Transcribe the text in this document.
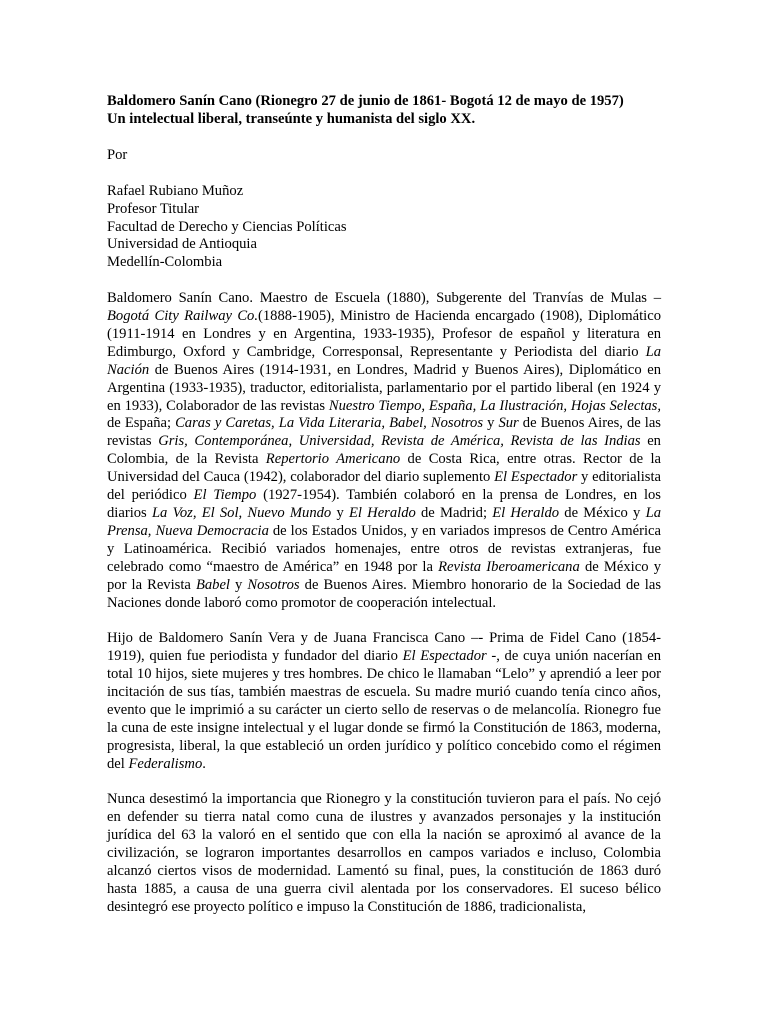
Baldomero Sanín Cano (Rionegro 27 de junio de 1861- Bogotá 12 de mayo de 1957)

Un intelectual liberal, transeúnte y humanista del siglo XX.

Por

Rafael Rubiano Muñoz

Profesor Titular

Facultad de Derecho y Ciencias Políticas

Universidad de Antioquia

Medellín-Colombia

Baldomero Sanín Cano. Maestro de Escuela (1880), Subgerente del Tranvías de Mulas – Bogotá City Railway Co.(1888-1905), Ministro de Hacienda encargado (1908), Diplomático (1911-1914 en Londres y en Argentina, 1933-1935), Profesor de español y literatura en Edimburgo, Oxford y Cambridge, Corresponsal, Representante y Periodista del diario La Nación de Buenos Aires (1914-1931, en Londres, Madrid y Buenos Aires), Diplomático en Argentina (1933-1935), traductor, editorialista, parlamentario por el partido liberal (en 1924 y en 1933), Colaborador de las revistas Nuestro Tiempo, España, La Ilustración, Hojas Selectas, de España; Caras y Caretas, La Vida Literaria, Babel, Nosotros y Sur de Buenos Aires, de las revistas Gris, Contemporánea, Universidad, Revista de América, Revista de las Indias en Colombia, de la Revista Repertorio Americano de Costa Rica, entre otras. Rector de la Universidad del Cauca (1942), colaborador del diario suplemento El Espectador y editorialista del periódico El Tiempo (1927-1954). También colaboró en la prensa de Londres, en los diarios La Voz, El Sol, Nuevo Mundo y El Heraldo de Madrid; El Heraldo de México y La Prensa, Nueva Democracia de los Estados Unidos, y en variados impresos de Centro América y Latinoamérica. Recibió variados homenajes, entre otros de revistas extranjeras, fue celebrado como “maestro de América” en 1948 por la Revista Iberoamericana de México y por la Revista Babel y Nosotros de Buenos Aires. Miembro honorario de la Sociedad de las Naciones donde laboró como promotor de cooperación intelectual.

Hijo de Baldomero Sanín Vera y de Juana Francisca Cano –- Prima de Fidel Cano (1854-1919), quien fue periodista y fundador del diario El Espectador -, de cuya unión nacerían en total 10 hijos, siete mujeres y tres hombres. De chico le llamaban “Lelo” y aprendió a leer por incitación de sus tías, también maestras de escuela. Su madre murió cuando tenía cinco años, evento que le imprimió a su carácter un cierto sello de reservas o de melancolía. Rionegro fue la cuna de este insigne intelectual y el lugar donde se firmó la Constitución de 1863, moderna, progresista, liberal, la que estableció un orden jurídico y político concebido como el régimen del Federalismo.

Nunca desestimó la importancia que Rionegro y la constitución tuvieron para el país. No cejó en defender su tierra natal como cuna de ilustres y avanzados personajes y la institución jurídica del 63 la valoró en el sentido que con ella la nación se aproximó al avance de la civilización, se lograron importantes desarrollos en campos variados e incluso, Colombia alcanzó ciertos visos de modernidad. Lamentó su final, pues, la constitución de 1863 duró hasta 1885, a causa de una guerra civil alentada por los conservadores. El suceso bélico desintegró ese proyecto político e impuso la Constitución de 1886, tradicionalista,
